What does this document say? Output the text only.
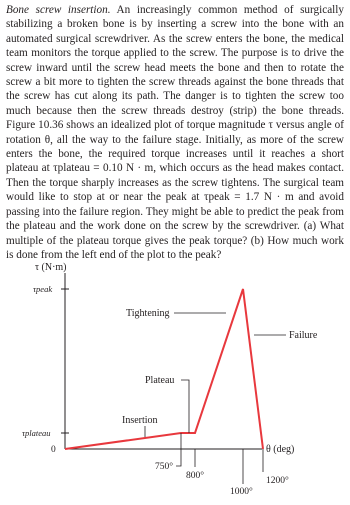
Bone screw insertion. An increasingly common method of surgically stabilizing a broken bone is by inserting a screw into the bone with an automated surgical screwdriver. As the screw enters the bone, the medical team monitors the torque applied to the screw. The purpose is to drive the screw inward until the screw head meets the bone and then to rotate the screw a bit more to tighten the screw threads against the bone threads that the screw has cut along its path. The danger is to tighten the screw too much because then the screw threads destroy (strip) the bone threads. Figure 10.36 shows an idealized plot of torque magnitude τ versus angle of rotation θ, all the way to the failure stage. Initially, as more of the screw enters the bone, the required torque increases until it reaches a short plateau at τplateau = 0.10 N · m, which occurs as the head makes contact. Then the torque sharply increases as the screw tightens. The surgical team would like to stop at or near the peak at τpeak = 1.7 N · m and avoid passing into the failure region. They might be able to predict the peak from the plateau and the work done on the screw by the screwdriver. (a) What multiple of the plateau torque gives the peak torque? (b) How much work is done from the left end of the plot to the peak?

τ (N·m)
τpeak
τplateau
0	θ (deg)
750°
800°
1000°
1200°
Tightening
Plateau
Insertion
Failure
